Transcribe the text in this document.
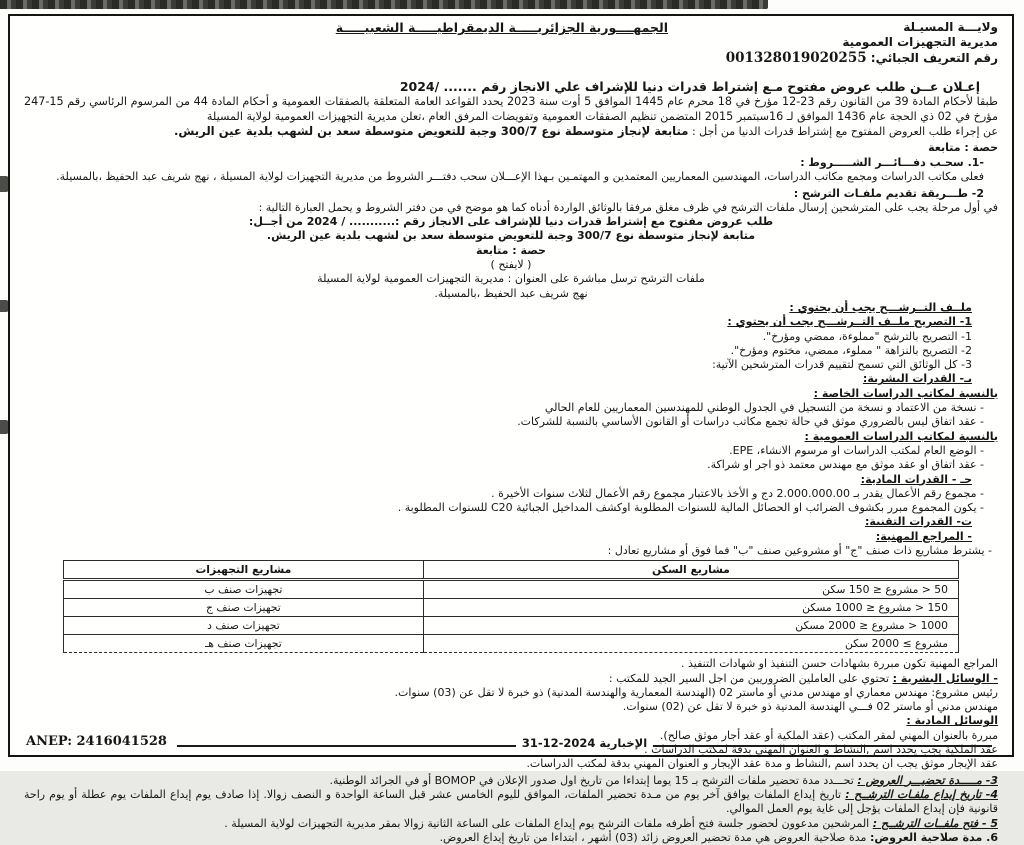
الجمهــــورية الجزائريـــــة الديمقراطيـــــة الشعبيـــــة	ولايـــة المسيـلة
مديرية التجهيزات العمومية
رقم التعريف الجبائي: 001328019020255
إعـلان عــن طلب عروض مفتوح مـع إشتراط قدرات دنيا للإشراف علي الانجاز رقم ....... /2024

طبقا لأحكام المادة 39 من القانون رقم 23-12 مؤرخ في 18 محرم عام 1445 الموافق 5 أوت سنة 2023 يحدد القواعد العامة المتعلقة بالصفقات العمومية و أحكام المادة 44 من المرسوم الرئاسي رقم 15-247 مؤرخ في 02 ذي الحجة عام 1436 الموافق لـ 16سبتمبر 2015 المتضمن تنظيم الصفقات العمومية وتفويضات المرفق العام ،تعلن مديرية التجهيزات العمومية لولاية المسيلة

عن إجراء طلب العروض المفتوح مع إشتراط قدرات الدنيا من أجل : متابعة لإنجاز متوسطة نوع 300/7 وجبة للتعويض متوسطة سعد بن لشهب بلدية عين الريش.

حصة : متابعة
-1. سحـب دفـــائـــر الشـــــروط :

فعلى مكاتب الدراسات ومجمع مكاتب الدراسات، المهندسين المعماريين المعتمدين و المهتمـين بـهذا الإعـــلان سحب دفتـــر الشروط من مديرية التجهيزات لولاية المسيلة ، نهج شريف عبد الحفيظ ،بالمسيلة.

2- طـــريقة تقديم ملفـات الترشح :

في أول مرحلة يجب على المترشحين إرسال ملفات الترشح في ظرف مغلق مرفقا بالوثائق الواردة أدناه كما هو موضح في من دفتر الشروط و يحمل العبارة التالية :

طلب عروض مفتوح مع إشتراط قدرات دنيا للإشراف على الانجاز رقم :........... / 2024 من أجــل:
متابعة لإنجاز متوسطة نوع 300/7 وجبة للتعويض متوسطة سعد بن لشهب بلدية عين الريش.
حصة : متابعة
( لايفتح )
ملفات الترشح ترسل مباشرة على العنوان : مديرية التجهيزات العمومية لولاية المسيلة
نهج شريف عبد الحفيظ ،بالمسيلة.
ملــف التــرشـــح يجب أن يحتوي :
1- التصريح ملــف التــرشـــح يجب أن يحتوي :
1- التصريح بالترشح "مملوءة، ممضي ومؤرخ".
2- التصريح بالنزاهة " مملوء، ممضي، مختوم ومؤرخ".
3- كل الوثائق التي تسمح لتقييم قدرات المترشحين الآتية:
بـ- القدرات البشرية:
بالنسبة لمكاتب الدراسات الخاصة :
- نسخة من الاعتماد و نسخة من التسجيل في الجدول الوطني للمهندسين المعماريين للعام الحالي
- عقد اتفاق ليس بالضروري موثق في حالة تجمع مكاتب دراسات أو القانون الأساسي بالنسبة للشركات.
بالنسبة لمكاتب الدراسات العمومية :
- الوضع العام لمكتب الدراسات او مرسوم الانشاء، EPE.
- عقد اتفاق او عقد موثق مع مهندس معتمد ذو اجر او شراكة.
جـ - القدرات المادية:
- مجموع رقم الأعمال يقدر بـ 2.000.000.00 دج و الأخذ بالاعتبار مجموع رقم الأعمال لثلاث سنوات الأخيرة .
- يكون المجموع مبرر بكشوف الضرائب او الحصائل المالية للسنوات المطلوبة اوكشف المداخيل الجبائية C20 للسنوات المطلوبة .
ت- القدرات التقنية:
- المراجع المهنية:
- يشترط مشاريع ذات صنف "ج" أو مشروعين صنف "ب" فما فوق أو مشاريع تعادل :
مشاريع السكن	مشاريع التجهيزات
50 < مشروع ≤ 150 سكن	تجهيزات صنف ب
150 < مشروع ≤ 1000 مسكن	تجهيزات صنف ج
1000 < مشروع ≤ 2000 مسكن	تجهيزات صنف د
مشروع ≥ 2000 سكن	تجهيزات صنف هـ
المراجع المهنية تكون مبررة بشهادات حسن التنفيذ او شهادات التنفيذ .
- الوسائل البشرية : تحتوي على العاملين الضروريين من اجل السير الجيد للمكتب :
رئيس مشروع: مهندس معماري او مهندس مدني أو ماستر 02 (الهندسة المعمارية والهندسة المدنية) ذو خبرة لا تقل عن (03) سنوات.
مهندس مدني أو ماستر 02 فـــي الهندسة المدنية ذو خبرة لا تقل عن (02) سنوات.
الوسائل المادية :
مبررة بالعنوان المهني لمقر المكتب (عقد الملكية أو عقد أجار موثق صالح).
عقد الملكية يجب يحدد اسم ,النشاط و العنوان المهني بدقة لمكتب الدراسات .
عقد الإيجار موثق يجب ان يحدد اسم ,النشاط و مدة عقد الإيجار و العنوان المهني بدقة لمكتب الدراسات.

3- مـــــدة تحضيـــر العروض : تحـــدد مدة تحضير ملفات الترشح بـ 15 يوما إبتداءا من تاريخ اول صدور الإعلان في BOMOP أو في الجرائد الوطنية.

4- تاريخ إيداع ملفـات الترشــح : تاريخ إيداع الملفات يوافق آخر يوم من مـدة تحضير الملفات، الموافق لليوم الخامس عشر قبل الساعة الواحدة و النصف زوالا. إذا صادف يوم إيداع الملفات يوم عطلة أو يوم راحة قانونية فإن إيداع الملفات يؤجل إلى غاية يوم العمل الموالي.

5 - فتح ملفــات الترشــح : المرشحين مدعوون لحضور جلسة فتح أظرفه ملفات الترشح يوم إيداع الملفات على الساعة الثانية زوالا بمقر مديرية التجهيزات لولاية المسيلة .

6. مدة صلاحية العروض: مدة صلاحية العروض هي مدة تحضير العروض زائد (03) أشهر ، ابتداءا من تاريخ إيداع العروض.

ANEP: 2416041528	الإخبارية 2024-12-31
